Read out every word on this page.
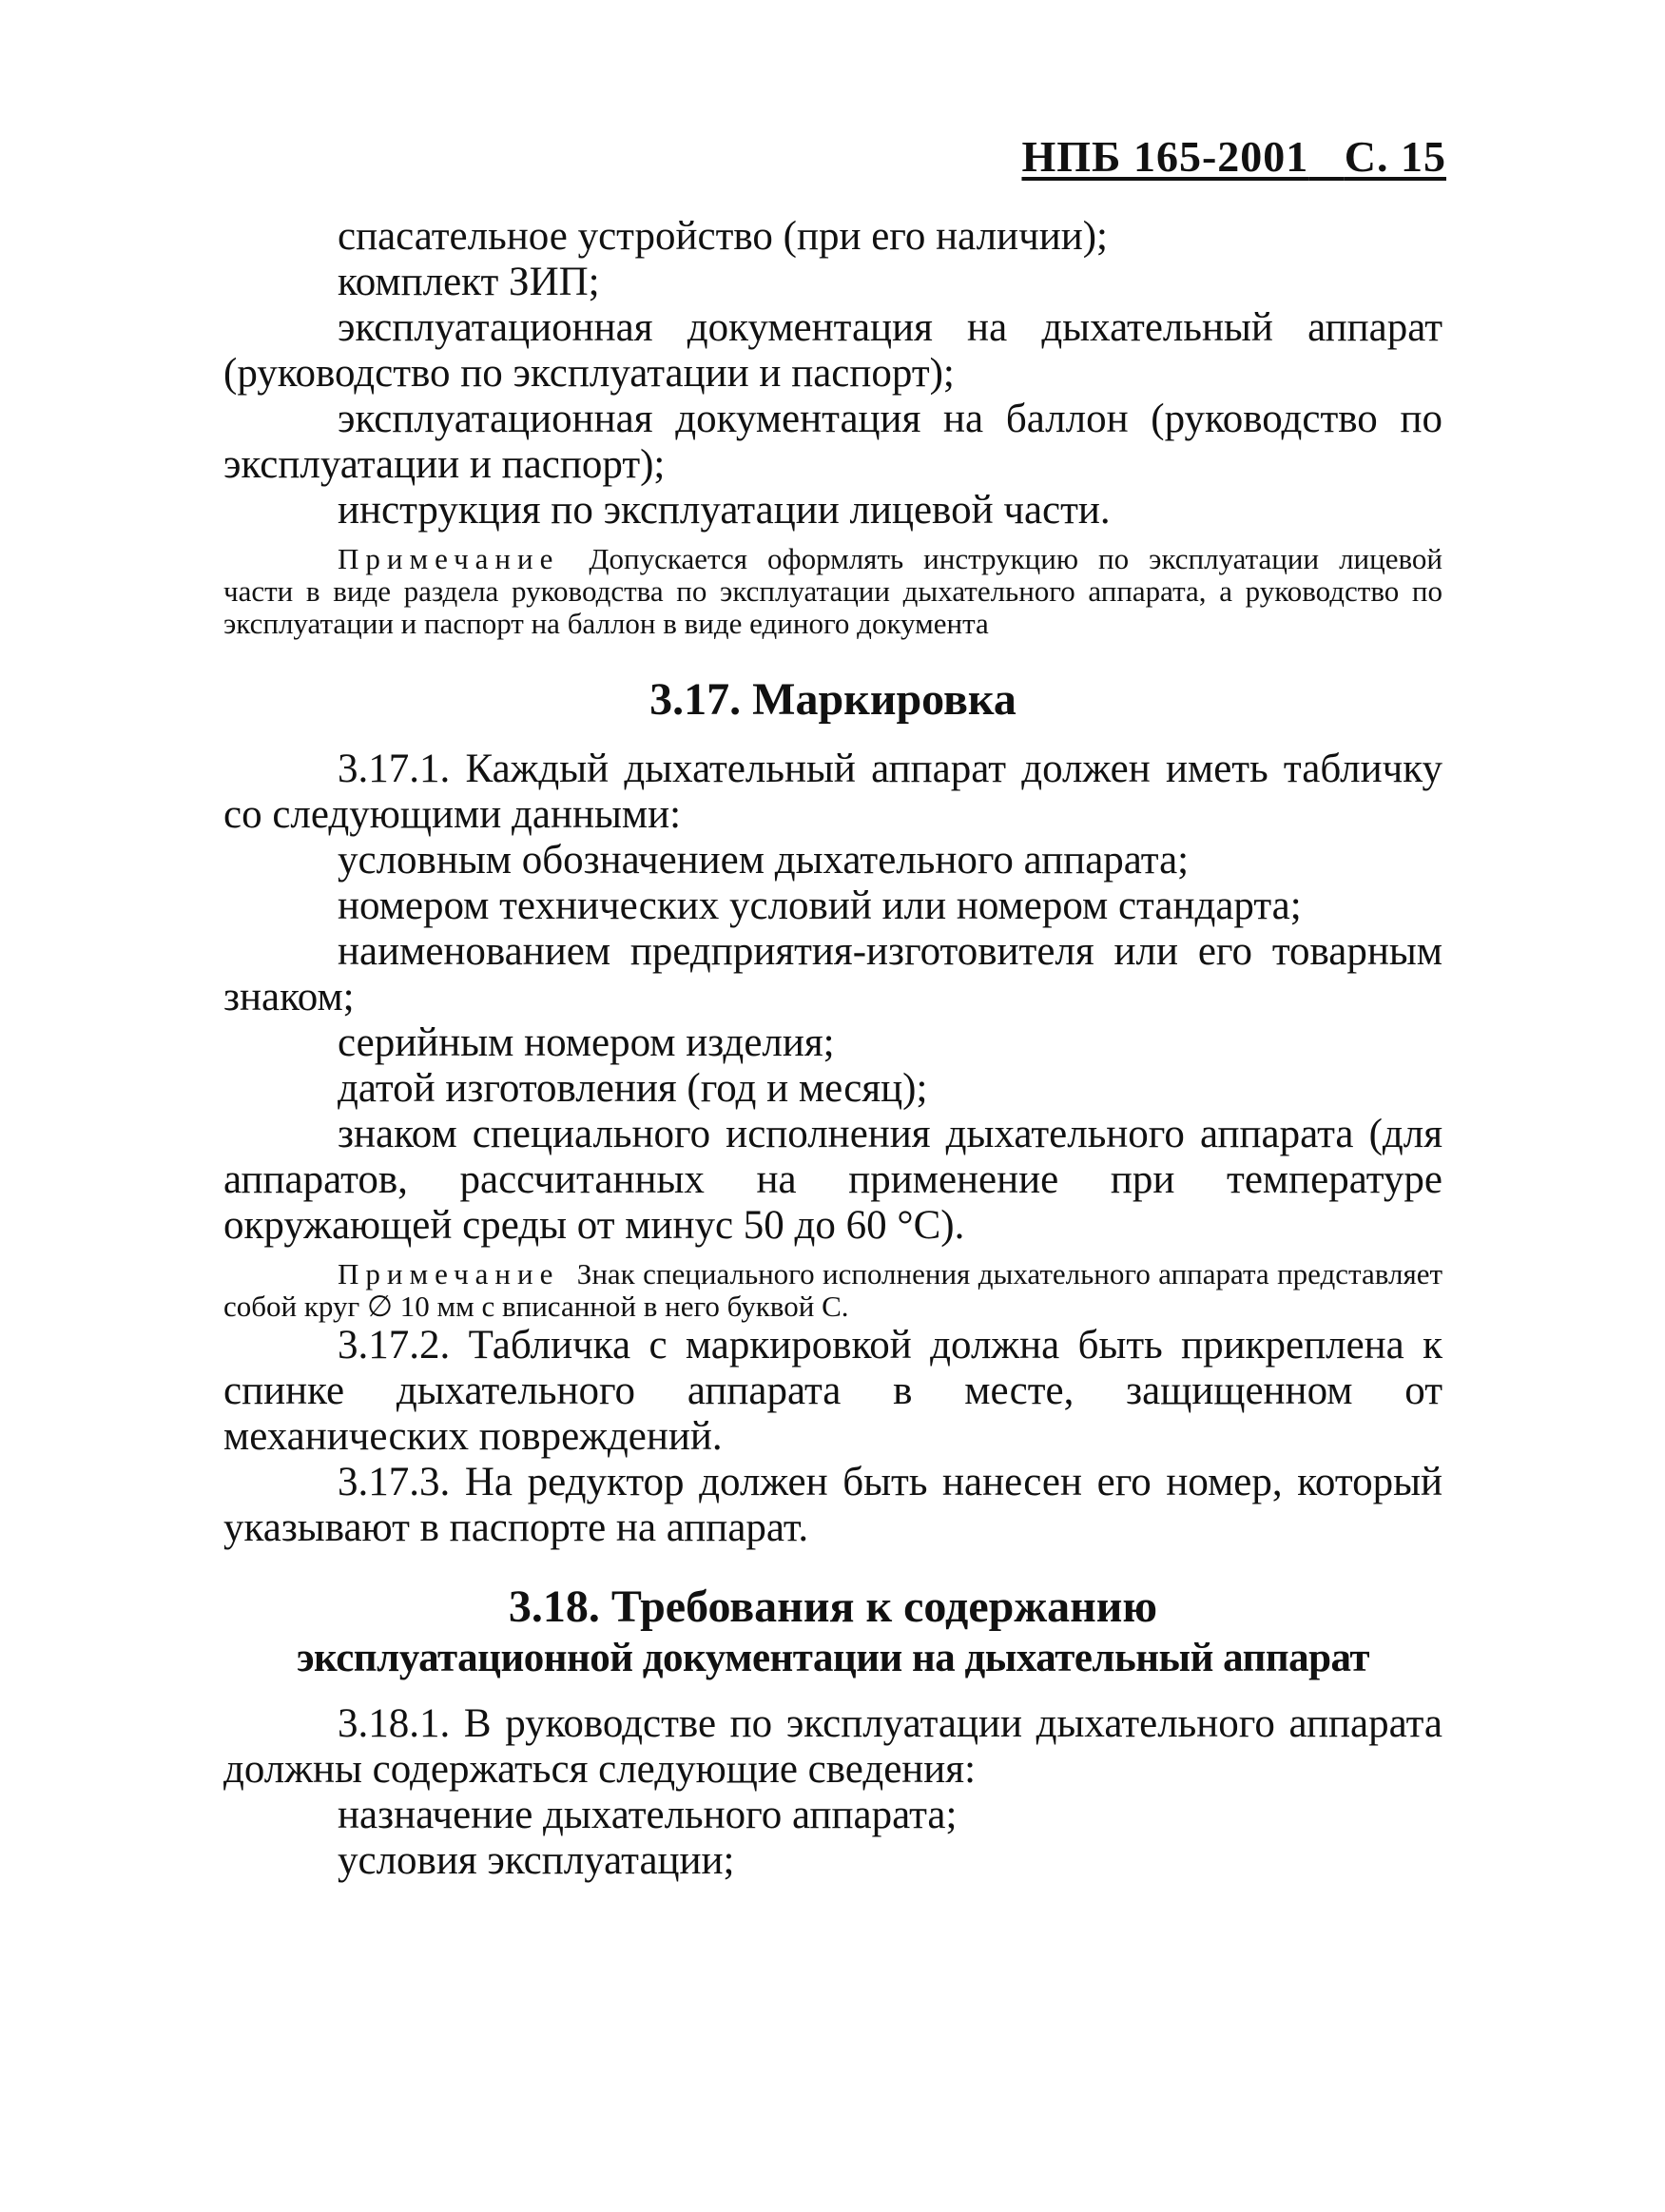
НПБ 165-2001 С. 15

спасательное устройство (при его наличии);

комплект ЗИП;

эксплуатационная документация на дыхательный аппарат (руководство по эксплуатации и паспорт);

эксплуатационная документация на баллон (руководство по эксплуатации и паспорт);

инструкция по эксплуатации лицевой части.

Примечание Допускается оформлять инструкцию по эксплуатации лицевой части в виде раздела руководства по эксплуатации дыхательного аппарата, а руководство по эксплуатации и паспорт на баллон в виде единого документа

3.17. Маркировка

3.17.1. Каждый дыхательный аппарат должен иметь табличку со следующими данными:

условным обозначением дыхательного аппарата;

номером технических условий или номером стандарта;

наименованием предприятия-изготовителя или его товарным знаком;

серийным номером изделия;

датой изготовления (год и месяц);

знаком специального исполнения дыхательного аппарата (для аппаратов, рассчитанных на применение при температуре окружающей среды от минус 50 до 60 °С).

Примечание Знак специального исполнения дыхательного аппарата представляет собой круг ∅ 10 мм с вписанной в него буквой С.

3.17.2. Табличка с маркировкой должна быть прикреплена к спинке дыхательного аппарата в месте, защищенном от механических повреждений.

3.17.3. На редуктор должен быть нанесен его номер, который указывают в паспорте на аппарат.

3.18. Требования к содержанию
эксплуатационной документации на дыхательный аппарат

3.18.1. В руководстве по эксплуатации дыхательного аппарата должны содержаться следующие сведения:

назначение дыхательного аппарата;

условия эксплуатации;
